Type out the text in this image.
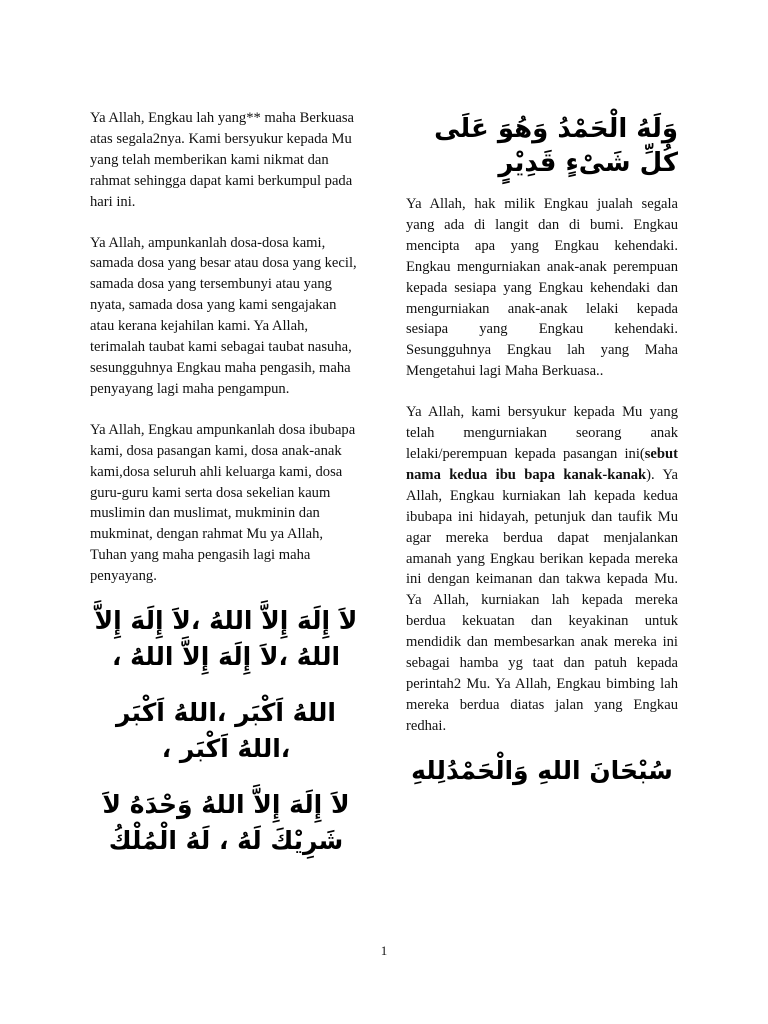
Ya Allah, Engkau lah yang** maha Berkuasa atas segala2nya. Kami bersyukur kepada Mu yang telah memberikan kami nikmat dan rahmat sehingga dapat kami berkumpul pada hari ini.

Ya Allah, ampunkanlah dosa-dosa kami, samada dosa yang besar atau dosa yang kecil, samada dosa yang tersembunyi atau yang nyata, samada dosa yang kami sengajakan atau kerana kejahilan kami. Ya Allah, terimalah taubat kami sebagai taubat nasuha, sesungguhnya Engkau maha pengasih, maha penyayang lagi maha pengampun.

Ya Allah, Engkau ampunkanlah dosa ibubapa kami, dosa pasangan kami, dosa anak-anak kami,dosa seluruh ahli keluarga kami, dosa guru-guru kami serta dosa sekelian kaum muslimin dan muslimat, mukminin dan mukminat, dengan rahmat Mu ya Allah, Tuhan yang maha pengasih lagi maha penyayang.

لاَ إِلَهَ إِلاَّ اللهُ ،لاَ إِلَهَ إِلاَّ اللهُ ،لاَ إِلَهَ إِلاَّ اللهُ ،
اللهُ اَكْبَر ،اللهُ اَكْبَر ،اللهُ اَكْبَر ،
لاَ إِلَهَ إِلاَّ اللهُ وَحْدَهُ لاَ شَرِيْكَ لَهُ ، لَهُ الْمُلْكُ
وَلَهُ الْحَمْدُ وَهُوَ عَلَى كُلِّ شَىْءٍ قَدِيْرٍ

Ya Allah, hak milik Engkau jualah segala yang ada di langit dan di bumi. Engkau mencipta apa yang Engkau kehendaki. Engkau mengurniakan anak-anak perempuan kepada sesiapa yang Engkau kehendaki dan mengurniakan anak-anak lelaki kepada sesiapa yang Engkau kehendaki. Sesungguhnya Engkau lah yang Maha Mengetahui lagi Maha Berkuasa..

Ya Allah, kami bersyukur kepada Mu yang telah mengurniakan seorang anak lelaki/perempuan kepada pasangan ini(sebut nama kedua ibu bapa kanak-kanak). Ya Allah, Engkau kurniakan lah kepada kedua ibubapa ini hidayah, petunjuk dan taufik Mu agar mereka berdua dapat menjalankan amanah yang Engkau berikan kepada mereka ini dengan keimanan dan takwa kepada Mu. Ya Allah, kurniakan lah kepada mereka berdua kekuatan dan keyakinan untuk mendidik dan membesarkan anak mereka ini sebagai hamba yg taat dan patuh kepada perintah2 Mu. Ya Allah, Engkau bimbing lah mereka berdua diatas jalan yang Engkau redhai.

سُبْحَانَ اللهِ وَالْحَمْدُلِلهِ
1
